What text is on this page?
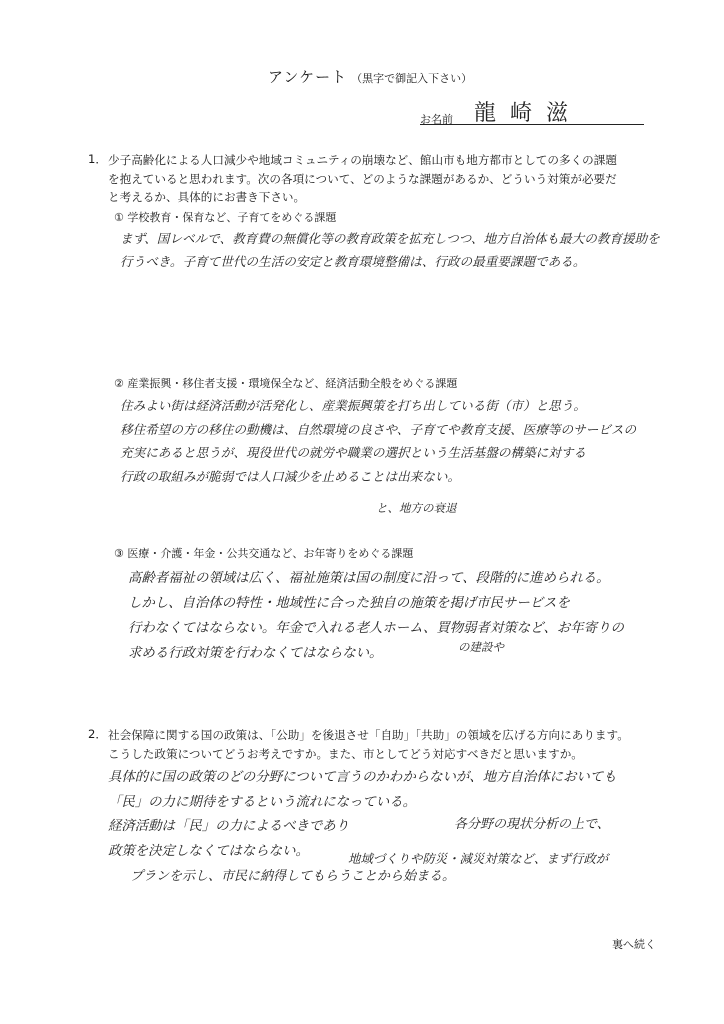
アンケート （黒字で御記入下さい）
お名前 龍崎滋
1． 少子高齢化による人口減少や地域コミュニティの崩壊など、館山市も地方都市としての多くの課題
を抱えていると思われます。次の各項について、どのような課題があるか、どういう対策が必要だ
と考えるか、具体的にお書き下さい。
① 学校教育・保育など、子育てをめぐる課題
まず、国レベルで、教育費の無償化等の教育政策を拡充しつつ、地方自治体も最大の教育援助を
行うべき。子育て世代の生活の安定と教育環境整備は、行政の最重要課題である。
② 産業振興・移住者支援・環境保全など、経済活動全般をめぐる課題
住みよい街は経済活動が活発化し、産業振興策を打ち出している街（市）と思う。
移住希望の方の移住の動機は、自然環境の良さや、子育てや教育支援、医療等のサービスの
充実にあると思うが、現役世代の就労や職業の選択という生活基盤の構築に対する
行政の取組みが脆弱では人口減少を止めることは出来ない。
と、地方の衰退
③ 医療・介護・年金・公共交通など、お年寄りをめぐる課題
高齢者福祉の領域は広く、福祉施策は国の制度に沿って、段階的に進められる。
しかし、自治体の特性・地域性に合った独自の施策を掲げ市民サービスを
行わなくてはならない。年金で入れる老人ホーム、買物弱者対策など、お年寄りの
求める行政対策を行わなくてはならない。	の建設や
2． 社会保障に関する国の政策は、「公助」を後退させ「自助」「共助」の領域を広げる方向にあります。
こうした政策についてどうお考えですか。また、市としてどう対応すべきだと思いますか。
具体的に国の政策のどの分野について言うのかわからないが、地方自治体においても
「民」の力に期待をするという流れになっている。
経済活動は「民」の力によるべきであり
政策を決定しなくてはならない。
プランを示し、市民に納得してもらうことから始まる。
各分野の現状分析の上で、
地域づくりや防災・減災対策など、まず行政が
裏へ続く
